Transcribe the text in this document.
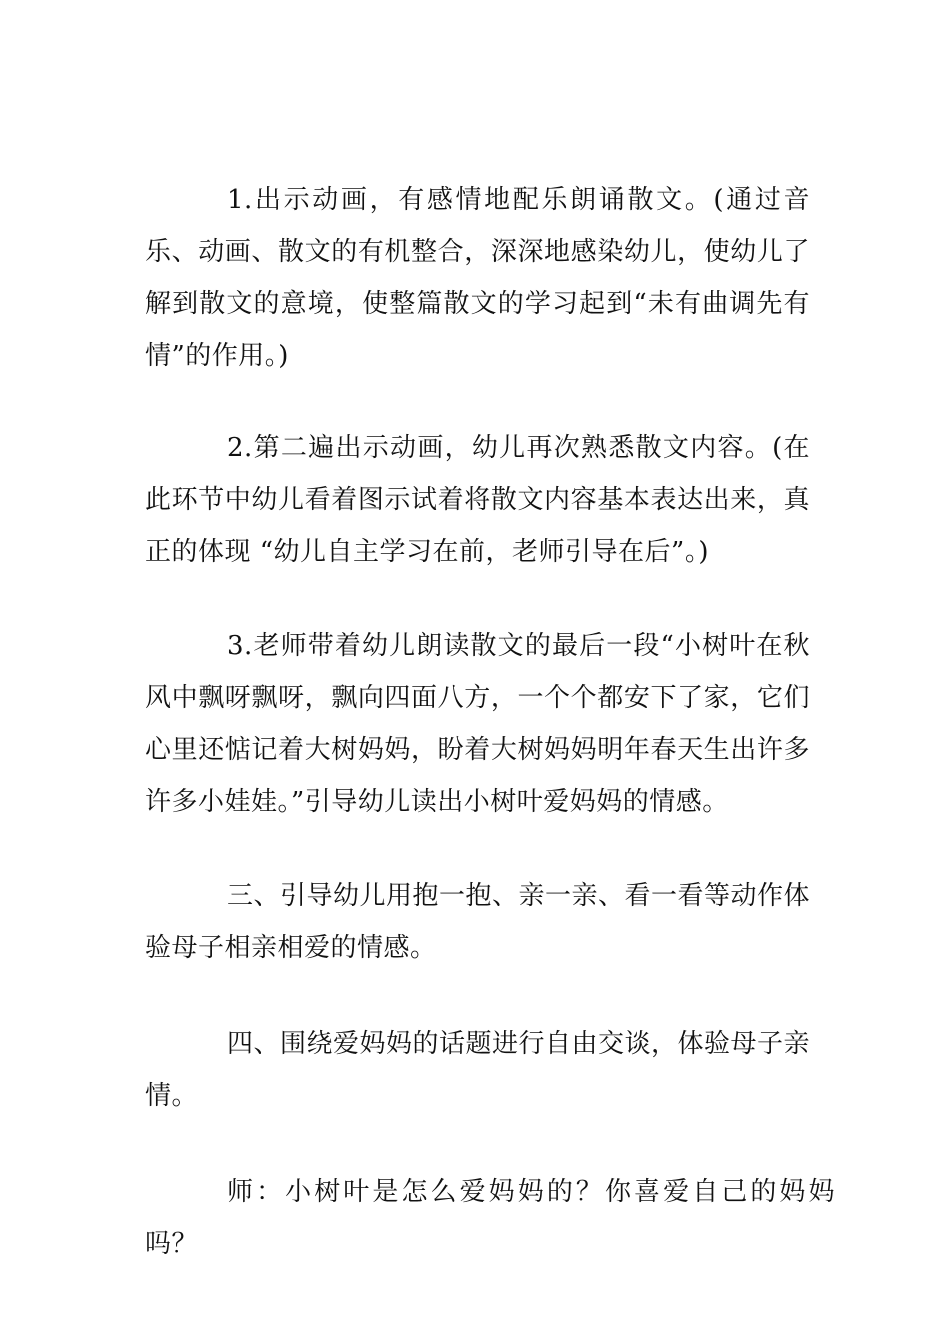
1.出示动画，有感情地配乐朗诵散文。(通过音乐、动画、散文的有机整合，深深地感染幼儿，使幼儿了解到散文的意境，使整篇散文的学习起到“未有曲调先有情”的作用。)

2.第二遍出示动画，幼儿再次熟悉散文内容。(在此环节中幼儿看着图示试着将散文内容基本表达出来，真正的体现 “幼儿自主学习在前，老师引导在后”。)

3.老师带着幼儿朗读散文的最后一段“小树叶在秋风中飘呀飘呀，飘向四面八方，一个个都安下了家，它们心里还惦记着大树妈妈，盼着大树妈妈明年春天生出许多许多小娃娃。”引导幼儿读出小树叶爱妈妈的情感。

三、引导幼儿用抱一抱、亲一亲、看一看等动作体验母子相亲相爱的情感。

四、围绕爱妈妈的话题进行自由交谈，体验母子亲情。

师：小树叶是怎么爱妈妈的？你喜爱自己的妈妈吗？
